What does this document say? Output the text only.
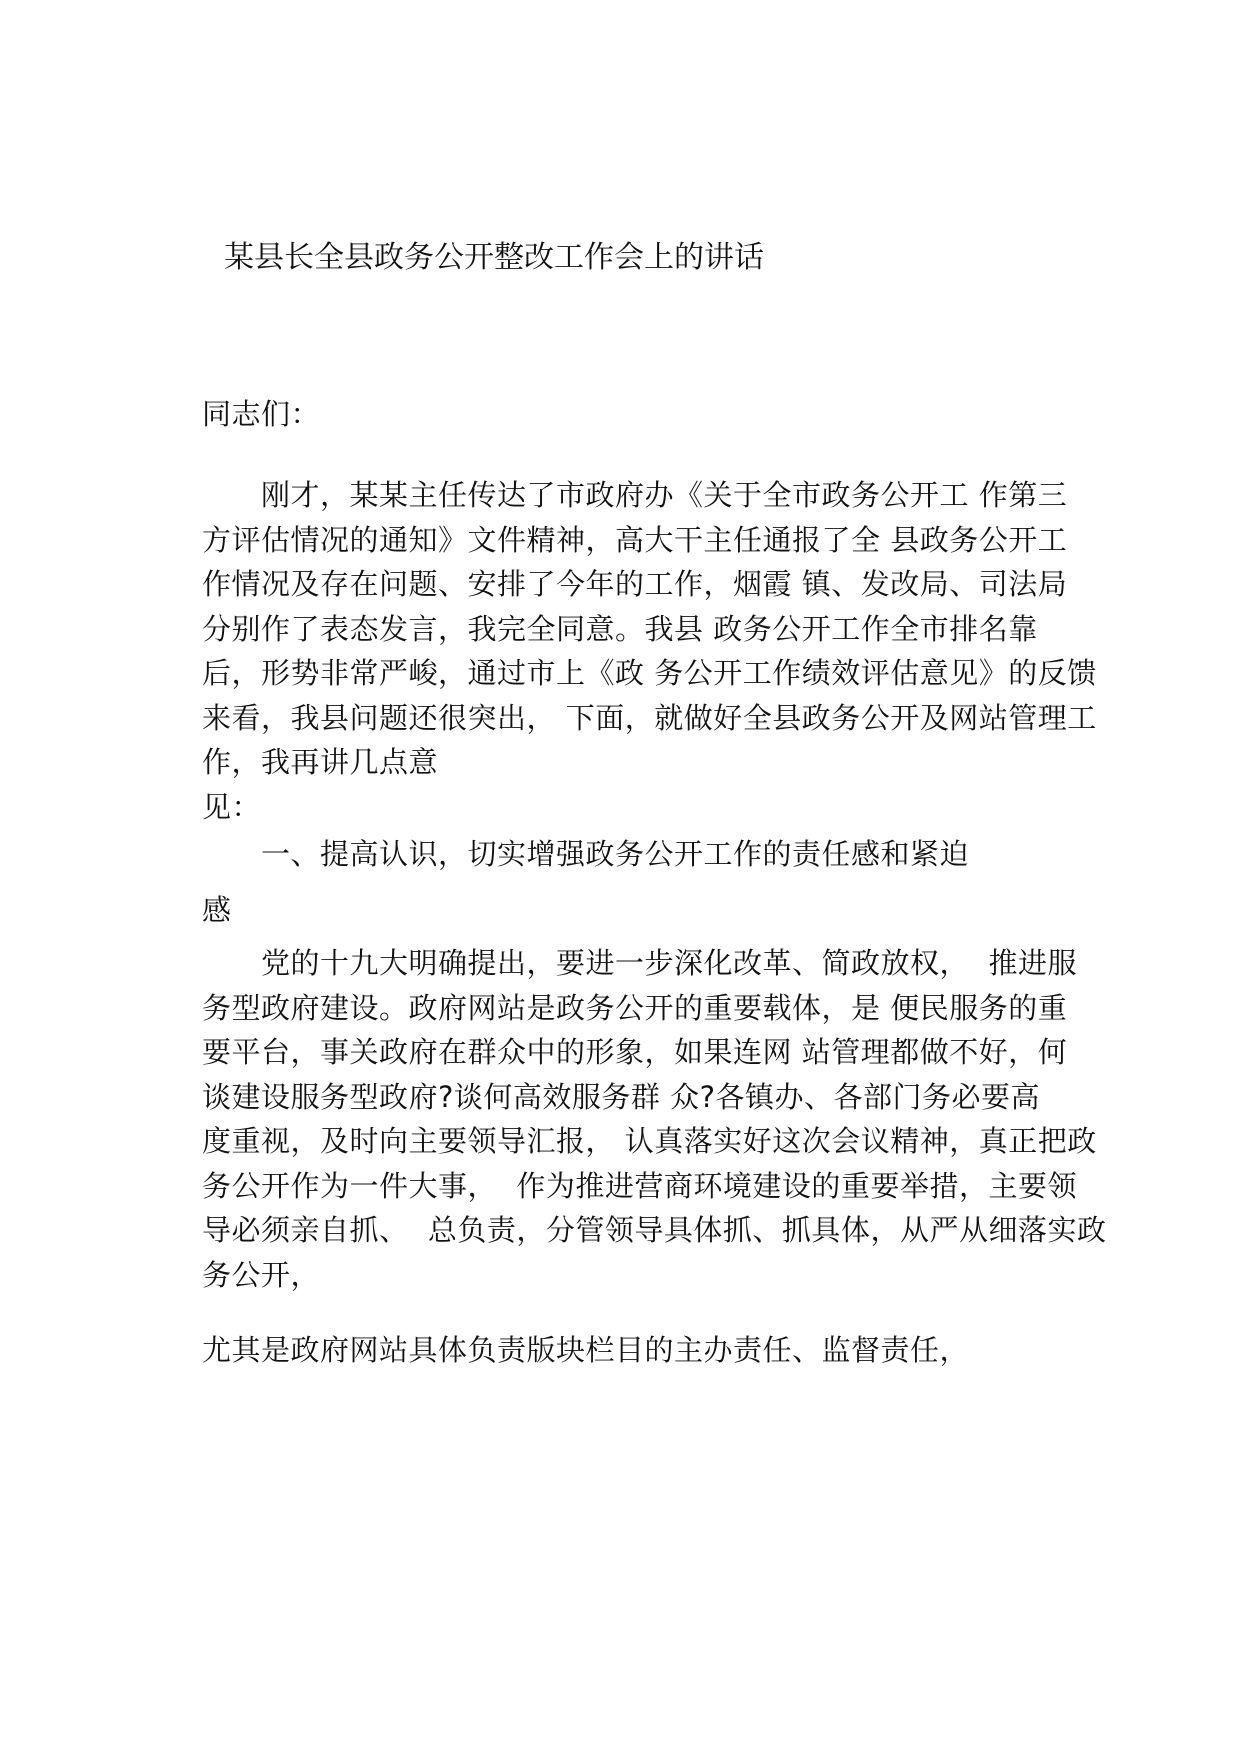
某县长全县政务公开整改工作会上的讲话
同志们：
　　刚才，某某主任传达了市政府办《关于全市政务公开工 作第三
方评估情况的通知》文件精神，高大干主任通报了全 县政务公开工
作情况及存在问题、安排了今年的工作，烟霞 镇、发改局、司法局
分别作了表态发言，我完全同意。我县 政务公开工作全市排名靠
后，形势非常严峻，通过市上《政 务公开工作绩效评估意见》的反馈
来看，我县问题还很突出， 下面，就做好全县政务公开及网站管理工
作，我再讲几点意
见：
　　一、提高认识，切实增强政务公开工作的责任感和紧迫
感
　　党的十九大明确提出，要进一步深化改革、简政放权，  推进服
务型政府建设。政府网站是政务公开的重要载体，是 便民服务的重
要平台，事关政府在群众中的形象，如果连网 站管理都做不好，何
谈建设服务型政府?谈何高效服务群 众?各镇办、各部门务必要高
度重视，及时向主要领导汇报， 认真落实好这次会议精神，真正把政
务公开作为一件大事，  作为推进营商环境建设的重要举措，主要领
导必须亲自抓、  总负责，分管领导具体抓、抓具体，从严从细落实政
务公开，
尤其是政府网站具体负责版块栏目的主办责任、监督责任，
